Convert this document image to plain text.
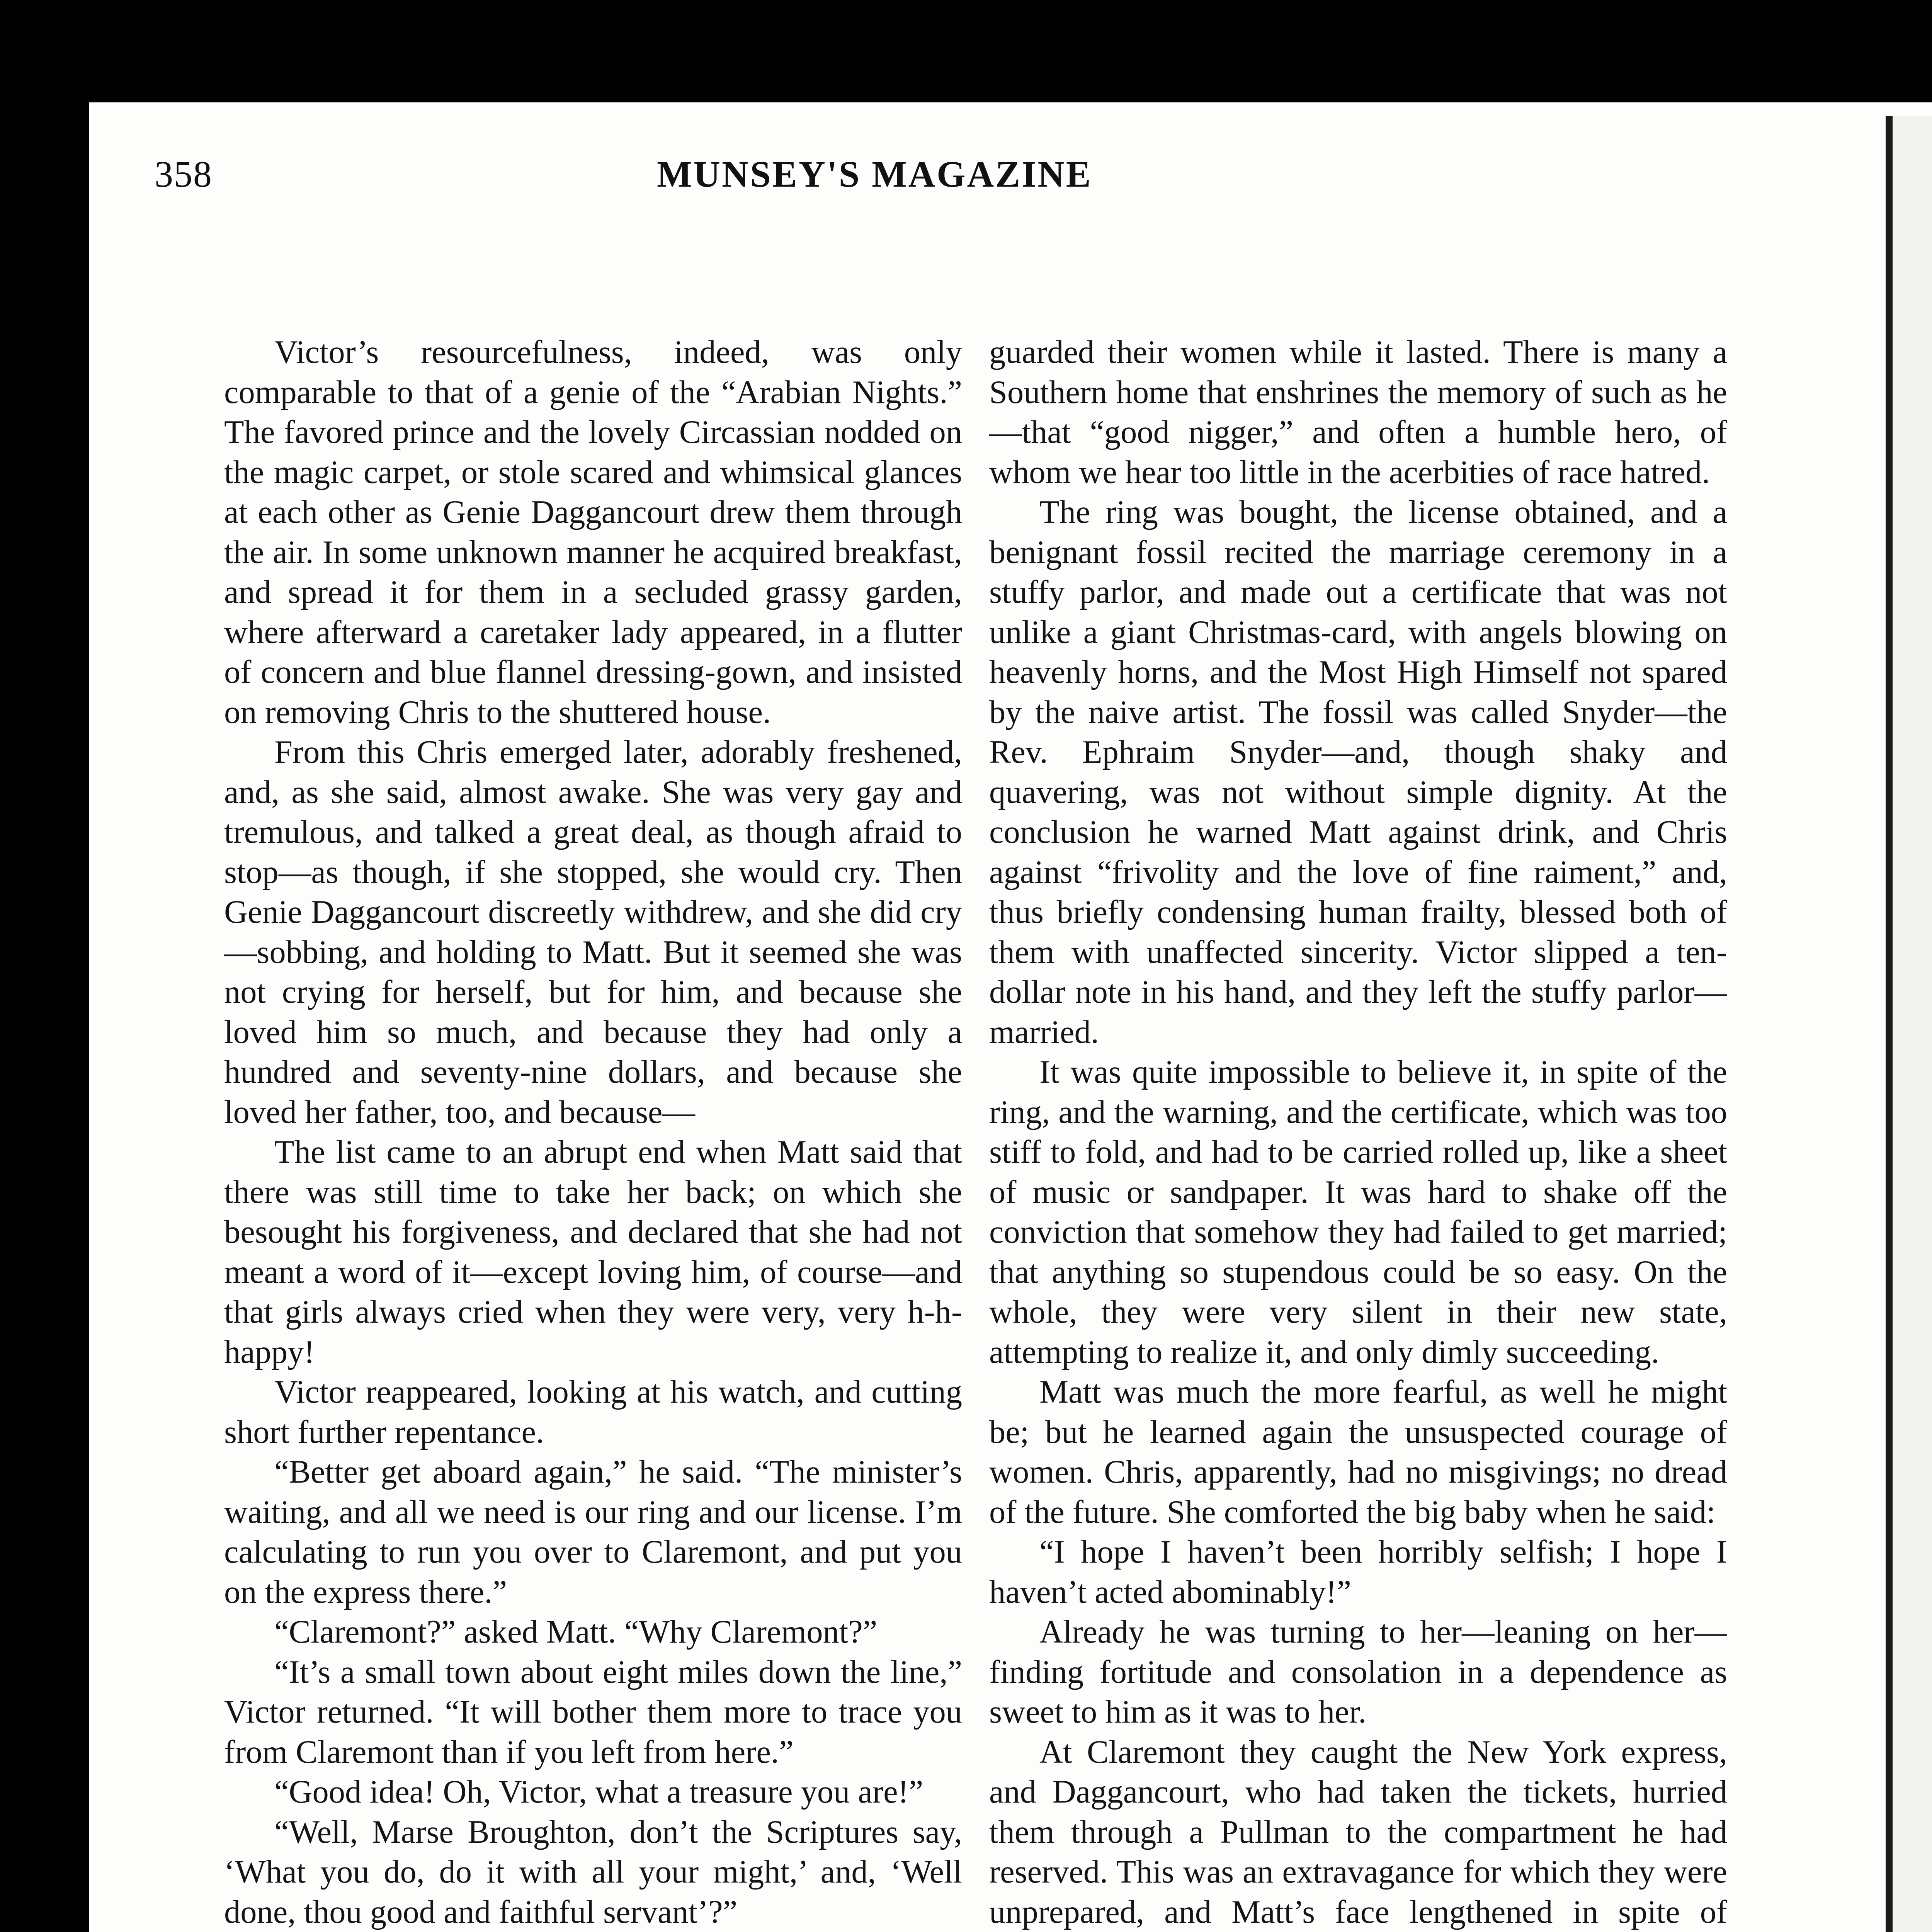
358	MUNSEY'S MAGAZINE

Victor’s resourcefulness, indeed, was only comparable to that of a genie of the “Arabian Nights.” The favored prince and the lovely Circassian nodded on the magic carpet, or stole scared and whimsical glances at each other as Genie Daggancourt drew them through the air. In some unknown manner he acquired breakfast, and spread it for them in a secluded grassy garden, where afterward a caretaker lady appeared, in a flutter of concern and blue flannel dressing-gown, and insisted on removing Chris to the shuttered house.

From this Chris emerged later, adorably freshened, and, as she said, almost awake. She was very gay and tremulous, and talked a great deal, as though afraid to stop—as though, if she stopped, she would cry. Then Genie Daggancourt discreetly withdrew, and she did cry—sobbing, and holding to Matt. But it seemed she was not crying for herself, but for him, and because she loved him so much, and because they had only a hundred and seventy-nine dollars, and because she loved her father, too, and because—

The list came to an abrupt end when Matt said that there was still time to take her back; on which she besought his forgiveness, and declared that she had not meant a word of it—except loving him, of course—and that girls always cried when they were very, very h-h-happy!

Victor reappeared, looking at his watch, and cutting short further repentance.

“Better get aboard again,” he said. “The minister’s waiting, and all we need is our ring and our license. I’m calculating to run you over to Claremont, and put you on the express there.”

“Claremont?” asked Matt. “Why Claremont?”

“It’s a small town about eight miles down the line,” Victor returned. “It will bother them more to trace you from Claremont than if you left from here.”

“Good idea! Oh, Victor, what a treasure you are!”

“Well, Marse Broughton, don’t the Scriptures say, ‘What you do, do it with all your might,’ and, ‘Well done, thou good and faithful servant’?”

guarded their women while it lasted. There is many a Southern home that enshrines the memory of such as he—that “good nigger,” and often a humble hero, of whom we hear too little in the acerbities of race hatred.

The ring was bought, the license obtained, and a benignant fossil recited the marriage ceremony in a stuffy parlor, and made out a certificate that was not unlike a giant Christmas-card, with angels blowing on heavenly horns, and the Most High Himself not spared by the naive artist. The fossil was called Snyder—the Rev. Ephraim Snyder—and, though shaky and quavering, was not without simple dignity. At the conclusion he warned Matt against drink, and Chris against “frivolity and the love of fine raiment,” and, thus briefly condensing human frailty, blessed both of them with unaffected sincerity. Victor slipped a ten-dollar note in his hand, and they left the stuffy parlor—married.

It was quite impossible to believe it, in spite of the ring, and the warning, and the certificate, which was too stiff to fold, and had to be carried rolled up, like a sheet of music or sandpaper. It was hard to shake off the conviction that somehow they had failed to get married; that anything so stupendous could be so easy. On the whole, they were very silent in their new state, attempting to realize it, and only dimly succeeding.

Matt was much the more fearful, as well he might be; but he learned again the unsuspected courage of women. Chris, apparently, had no misgivings; no dread of the future. She comforted the big baby when he said:

“I hope I haven’t been horribly selfish; I hope I haven’t acted abominably!”

Already he was turning to her—leaning on her—finding fortitude and consolation in a dependence as sweet to him as it was to her.

At Claremont they caught the New York express, and Daggancourt, who had taken the tickets, hurried them through a Pullman to the compartment he had reserved. This was an extravagance for which they were unprepared, and Matt’s face lengthened in spite of
